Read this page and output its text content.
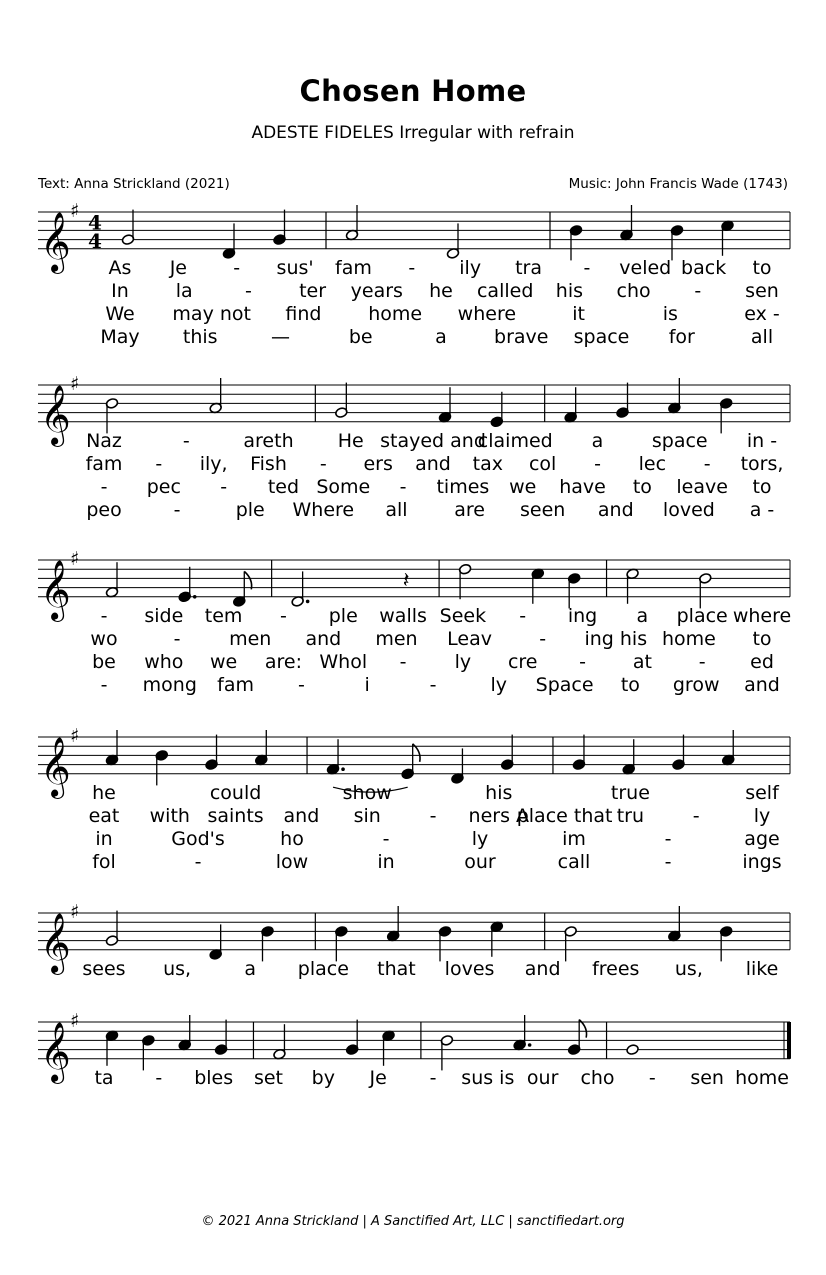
Chosen Home
ADESTE FIDELES Irregular with refrain
Text: Anna Strickland (2021)	Music: John Francis Wade (1743)
© 2021 Anna Strickland | A Sanctified Art, LLC | sanctifiedart.org
𝄞
♯ 4
4
As Je - sus' fam - ily tra - veled back to
In la	- ter years he called his cho - sen
We may not find home where	it	is	ex -
May this	—	be	a brave space for	all
𝄞
♯
Naz	-	areth He stayed and
claimed a	space in -
fam - ily, Fish - ers and tax col - lec - tors,
- pec - ted Some - times we have to leave to
peo	-	ple Where all are seen and loved a -
𝄞
♯
𝄽
- side tem - ple walls Seek - ing a place where
wo	-	men and men Leav - ing his home to
be who we are: Whol -	ly cre - at - ed
- mong fam -	i	-	ly Space to grow and
𝄞
♯
he	could	show	his	true	self
eat with saints and sin	- ners A
place that tru	-	ly
in	God's	ho	-	ly	im	-	age
fol	-	low	in	our	call	-	ings
𝄞
♯
sees us,	a place that loves and frees us, like
𝄞
♯
ta - bles set by Je - sus is our cho - sen home
